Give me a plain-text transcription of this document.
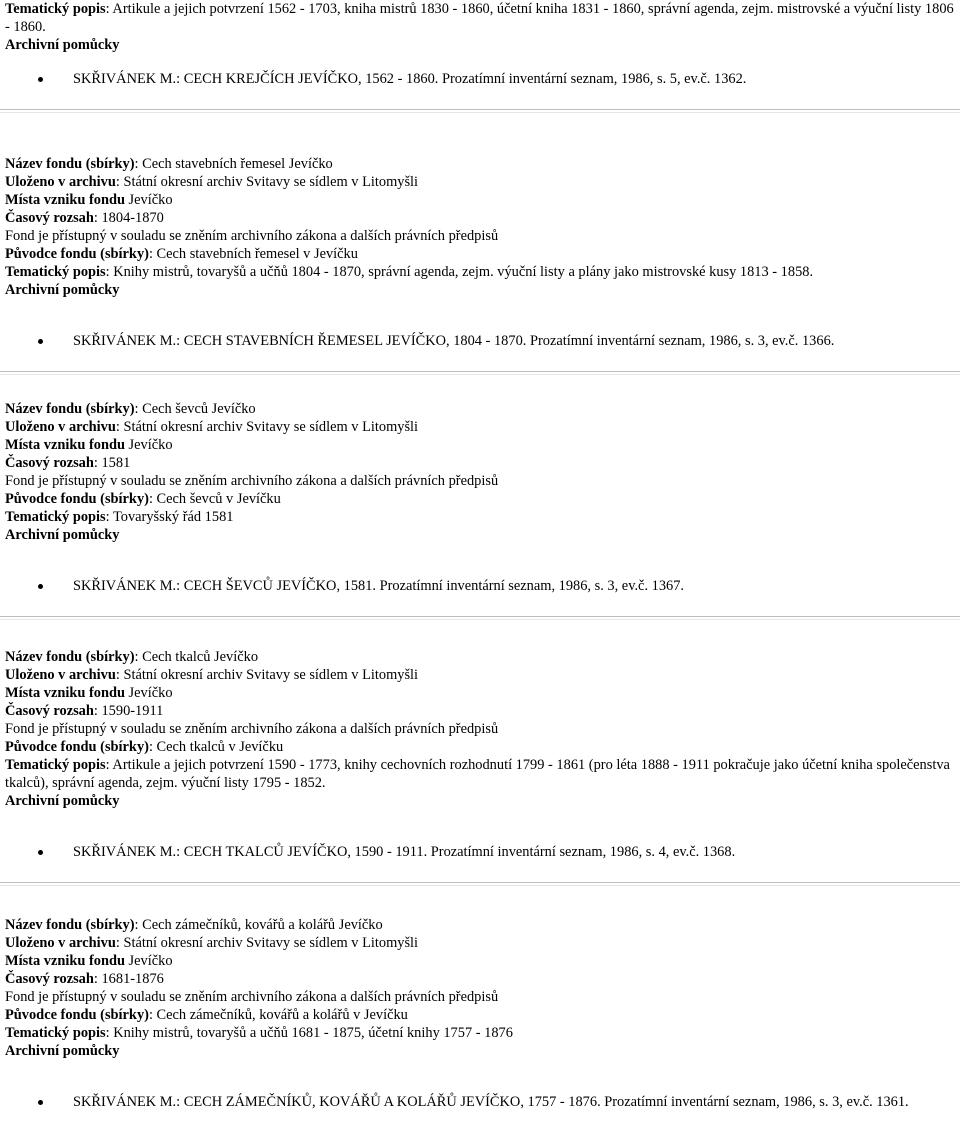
Tematický popis: Artikule a jejich potvrzení 1562 - 1703, kniha mistrů 1830 - 1860, účetní kniha 1831 - 1860, správní agenda, zejm. mistrovské a výuční listy 1806 - 1860.

Archivní pomůcky

SKŘIVÁNEK M.: CECH KREJČÍCH JEVÍČKO, 1562 - 1860. Prozatímní inventární seznam, 1986, s. 5, ev.č. 1362.

Název fondu (sbírky): Cech stavebních řemesel Jevíčko

Uloženo v archivu: Státní okresní archiv Svitavy se sídlem v Litomyšli

Místa vzniku fondu Jevíčko

Časový rozsah: 1804-1870

Fond je přístupný v souladu se zněním archivního zákona a dalších právních předpisů

Původce fondu (sbírky): Cech stavebních řemesel v Jevíčku

Tematický popis: Knihy mistrů, tovaryšů a učňů 1804 - 1870, správní agenda, zejm. výuční listy a plány jako mistrovské kusy 1813 - 1858.

Archivní pomůcky

SKŘIVÁNEK M.: CECH STAVEBNÍCH ŘEMESEL JEVÍČKO, 1804 - 1870. Prozatímní inventární seznam, 1986, s. 3, ev.č. 1366.

Název fondu (sbírky): Cech ševců Jevíčko

Uloženo v archivu: Státní okresní archiv Svitavy se sídlem v Litomyšli

Místa vzniku fondu Jevíčko

Časový rozsah: 1581

Fond je přístupný v souladu se zněním archivního zákona a dalších právních předpisů

Původce fondu (sbírky): Cech ševců v Jevíčku

Tematický popis: Tovaryšský řád 1581

Archivní pomůcky

SKŘIVÁNEK M.: CECH ŠEVCŮ JEVÍČKO, 1581. Prozatímní inventární seznam, 1986, s. 3, ev.č. 1367.

Název fondu (sbírky): Cech tkalců Jevíčko

Uloženo v archivu: Státní okresní archiv Svitavy se sídlem v Litomyšli

Místa vzniku fondu Jevíčko

Časový rozsah: 1590-1911

Fond je přístupný v souladu se zněním archivního zákona a dalších právních předpisů

Původce fondu (sbírky): Cech tkalců v Jevíčku

Tematický popis: Artikule a jejich potvrzení 1590 - 1773, knihy cechovních rozhodnutí 1799 - 1861 (pro léta 1888 - 1911 pokračuje jako účetní kniha společenstva tkalců), správní agenda, zejm. výuční listy 1795 - 1852.

Archivní pomůcky

SKŘIVÁNEK M.: CECH TKALCŮ JEVÍČKO, 1590 - 1911. Prozatímní inventární seznam, 1986, s. 4, ev.č. 1368.

Název fondu (sbírky): Cech zámečníků, kovářů a kolářů Jevíčko

Uloženo v archivu: Státní okresní archiv Svitavy se sídlem v Litomyšli

Místa vzniku fondu Jevíčko

Časový rozsah: 1681-1876

Fond je přístupný v souladu se zněním archivního zákona a dalších právních předpisů

Původce fondu (sbírky): Cech zámečníků, kovářů a kolářů v Jevíčku

Tematický popis: Knihy mistrů, tovaryšů a učňů 1681 - 1875, účetní knihy 1757 - 1876

Archivní pomůcky

SKŘIVÁNEK M.: CECH ZÁMEČNÍKŮ, KOVÁŘŮ A KOLÁŘŮ JEVÍČKO, 1757 - 1876. Prozatímní inventární seznam, 1986, s. 3, ev.č. 1361.
